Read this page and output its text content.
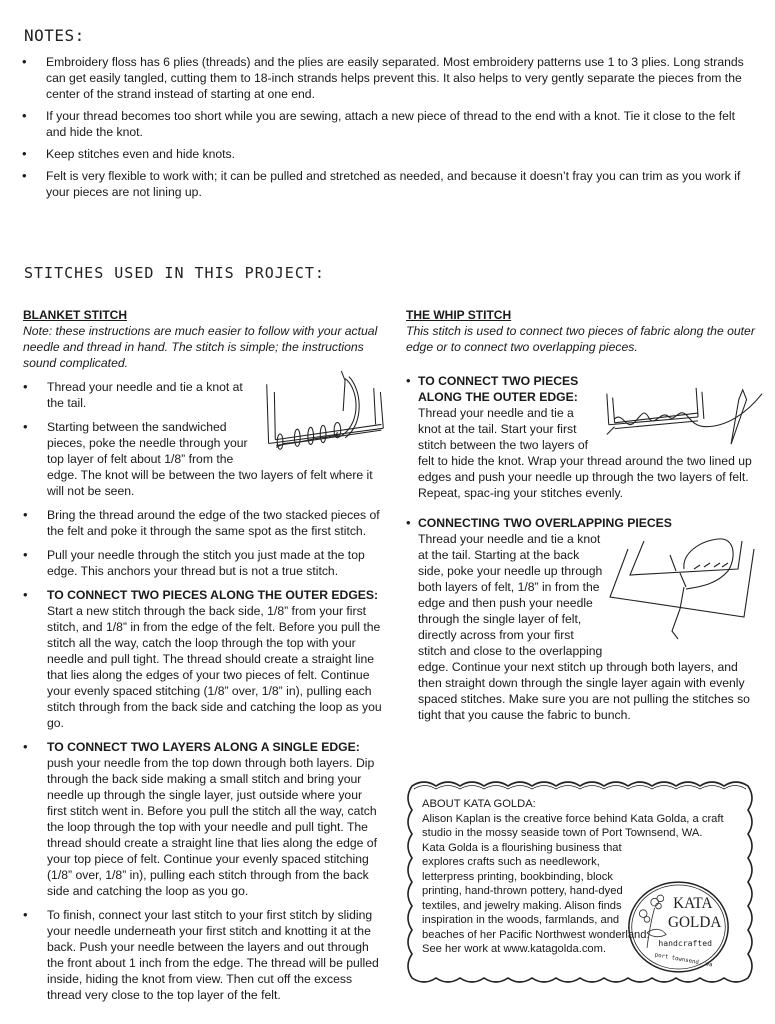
NOTES:
• Embroidery floss has 6 plies (threads) and the plies are easily separated. Most embroidery patterns use 1 to 3 plies. Long strands can get easily tangled, cutting them to 18-inch strands helps prevent this. It also helps to very gently separate the pieces from the center of the strand instead of starting at one end.
• If your thread becomes too short while you are sewing, attach a new piece of thread to the end with a knot. Tie it close to the felt and hide the knot.
• Keep stitches even and hide knots.
• Felt is very flexible to work with; it can be pulled and stretched as needed, and because it doesn’t fray you can trim as you work if your pieces are not lining up.
STITCHES USED IN THIS PROJECT:
BLANKET STITCH
Note: these instructions are much easier to follow with your actual needle and thread in hand. The stitch is simple; the instructions sound complicated.
• Thread your needle and tie a knot at the tail.
• Starting between the sandwiched pieces, poke the needle through your top layer of felt about 1/8” from the edge. The knot will be between the two layers of felt where it will not be seen.
• Bring the thread around the edge of the two stacked pieces of the felt and poke it through the same spot as the first stitch.
• Pull your needle through the stitch you just made at the top edge. This anchors your thread but is not a true stitch.
• TO CONNECT TWO PIECES ALONG THE OUTER EDGES: Start a new stitch through the back side, 1/8” from your first stitch, and 1/8” in from the edge of the felt. Before you pull the stitch all the way, catch the loop through the top with your needle and pull tight. The thread should create a straight line that lies along the edges of your two pieces of felt. Continue your evenly spaced stitching (1/8” over, 1/8” in), pulling each stitch through from the back side and catching the loop as you go.
• TO CONNECT TWO LAYERS ALONG A SINGLE EDGE: push your needle from the top down through both layers. Dip through the back side making a small stitch and bring your needle up through the single layer, just outside where your first stitch went in. Before you pull the stitch all the way, catch the loop through the top with your needle and pull tight. The thread should create a straight line that lies along the edge of your top piece of felt. Continue your evenly spaced stitching (1/8” over, 1/8” in), pulling each stitch through from the back side and catching the loop as you go.
• To finish, connect your last stitch to your first stitch by sliding your needle underneath your first stitch and knotting it at the back. Push your needle between the layers and out through the front about 1 inch from the edge. The thread will be pulled inside, hiding the knot from view. Then cut off the excess thread very close to the top layer of the felt.
THE WHIP STITCH
This stitch is used to connect two pieces of fabric along the outer edge or to connect two overlapping pieces.
• TO CONNECT TWO PIECES ALONG THE OUTER EDGE:
Thread your needle and tie a knot at the tail. Start your first stitch between the two layers of felt to hide the knot. Wrap your thread around the two lined up edges and push your needle up through the two layers of felt. Repeat, spac-ing your stitches evenly.
• CONNECTING TWO OVERLAPPING PIECES

Thread your needle and tie a knot at the tail. Starting at the back side, poke your needle up through both layers of felt, 1/8” in from the edge and then push your needle through the single layer of felt, directly across from your first stitch and close to the overlapping edge. Continue your next stitch up through both layers, and then straight down through the single layer again with evenly spaced stitches. Make sure you are not pulling the stitches so tight that you cause the fabric to bunch.
ABOUT KATA GOLDA:
Alison Kaplan is the creative force behind Kata Golda, a craft studio in the mossy seaside town of Port Townsend, WA.
Kata Golda is a flourishing business that explores crafts such as needlework, letterpress printing, bookbinding, block printing, hand-thrown pottery, hand-dyed textiles, and jewelry making. Alison finds inspiration in the woods, farmlands, and beaches of her Pacific Northwest wonderland.
See her work at www.katagolda.com.
KATA
GOLDA
handcrafted
port townsend, wa
